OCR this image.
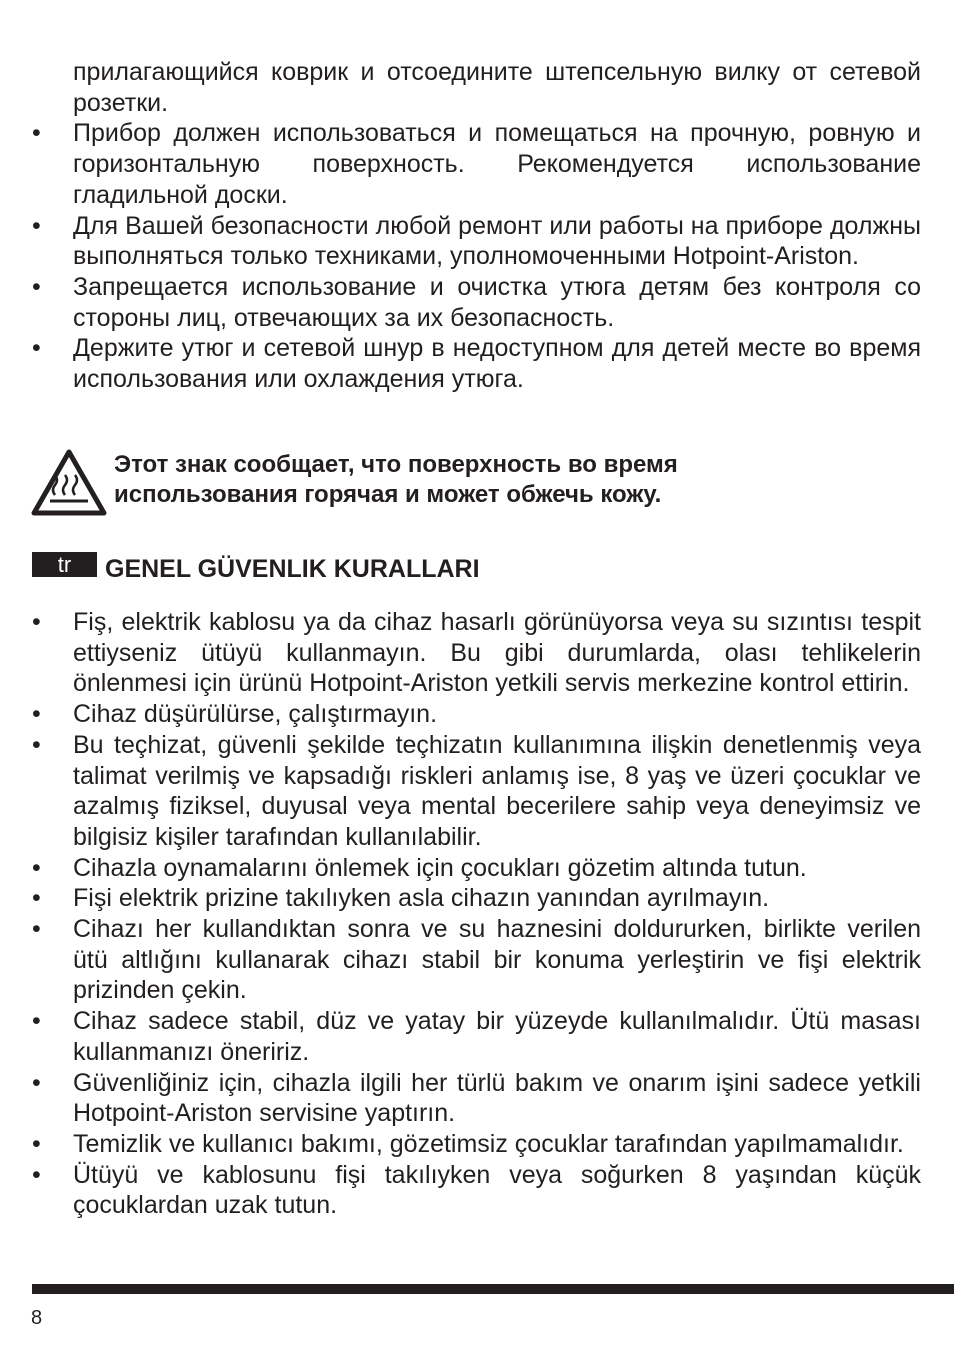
прилагающийся коврик и отсоедините штепсельную вилку от сетевой розетки.
• Прибор должен использоваться и помещаться на прочную, ровную и горизонтальную поверхность. Рекомендуется использование гладильной доски.
• Для Вашей безопасности любой ремонт или работы на приборе должны выполняться только техниками, уполномоченными Hotpoint-Ariston.
• Запрещается использование и очистка утюга детям без контроля со стороны лиц, отвечающих за их безопасность.
• Держите утюг и сетевой шнур в недоступном для детей месте во время использования или охлаждения утюга.
Этот знак сообщает, что поверхность во время
использования горячая и может обжечь кожу.
tr	GENEL GÜVENLIK KURALLARI
• Fiş, elektrik kablosu ya da cihaz hasarlı görünüyorsa veya su sızıntısı tespit ettiyseniz ütüyü kullanmayın. Bu gibi durumlarda, olası tehlikelerin önlenmesi için ürünü Hotpoint-Ariston yetkili servis merkezine kontrol ettirin.
• Cihaz düşürülürse, çalıştırmayın.
• Bu teçhizat, güvenli şekilde teçhizatın kullanımına ilişkin denetlenmiş veya talimat verilmiş ve kapsadığı riskleri anlamış ise, 8 yaş ve üzeri çocuklar ve azalmış fiziksel, duyusal veya mental becerilere sahip veya deneyimsiz ve bilgisiz kişiler tarafından kullanılabilir.
• Cihazla oynamalarını önlemek için çocukları gözetim altında tutun.
• Fişi elektrik prizine takılıyken asla cihazın yanından ayrılmayın.
• Cihazı her kullandıktan sonra ve su haznesini doldururken, birlikte verilen ütü altlığını kullanarak cihazı stabil bir konuma yerleştirin ve fişi elektrik prizinden çekin.
• Cihaz sadece stabil, düz ve yatay bir yüzeyde kullanılmalıdır. Ütü masası kullanmanızı öneririz.
• Güvenliğiniz için, cihazla ilgili her türlü bakım ve onarım işini sadece yetkili Hotpoint-Ariston servisine yaptırın.
• Temizlik ve kullanıcı bakımı, gözetimsiz çocuklar tarafından yapılmamalıdır.
• Ütüyü ve kablosunu fişi takılıyken veya soğurken 8 yaşından küçük çocuklardan uzak tutun.
8
